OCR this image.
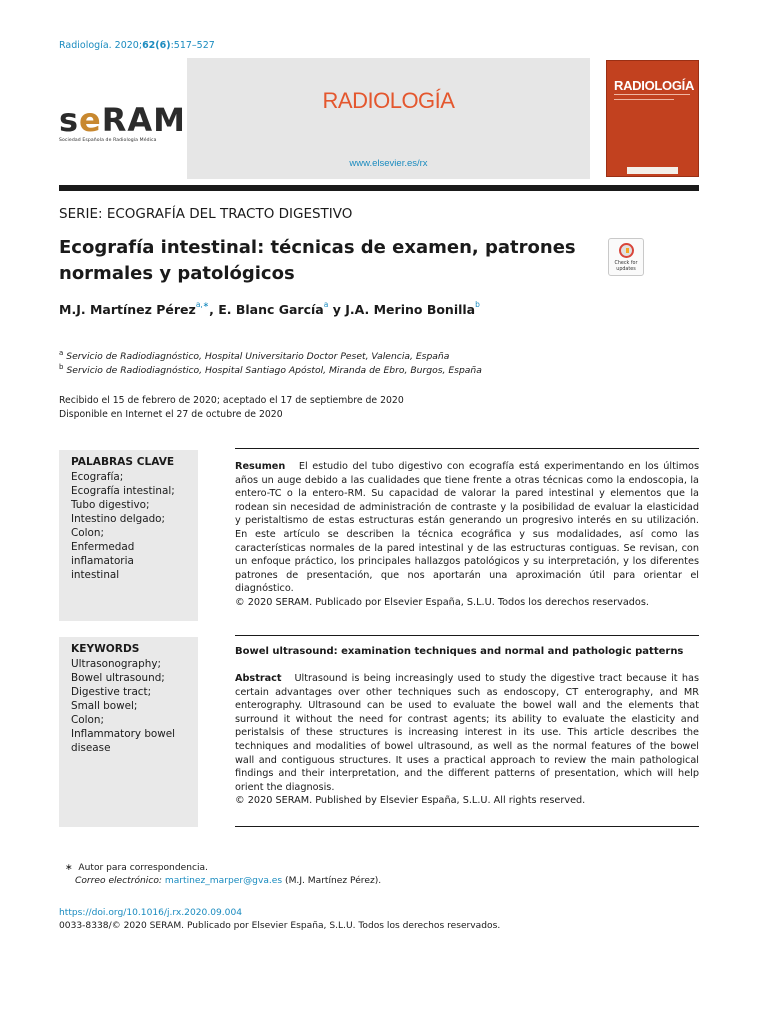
Radiología. 2020;62(6):517–527
seRAM
Sociedad Española de Radiología Médica
RADIOLOGÍA
www.elsevier.es/rx
RADIOLOGÍA
SERIE: ECOGRAFÍA DEL TRACTO DIGESTIVO
Ecografía intestinal: técnicas de examen, patrones normales y patológicos	Check for
updates
M.J. Martínez Pérez$^{a,∗}$, E. Blanc García$^a$ y J.A. Merino Bonilla$^b$
$^a$ Servicio de Radiodiagnóstico, Hospital Universitario Doctor Peset, Valencia, España
$^b$ Servicio de Radiodiagnóstico, Hospital Santiago Apóstol, Miranda de Ebro, Burgos, España
Recibido el 15 de febrero de 2020; aceptado el 17 de septiembre de 2020
Disponible en Internet el 27 de octubre de 2020
PALABRAS CLAVE
Ecografía;
Ecografía intestinal;
Tubo digestivo;
Intestino delgado;
Colon;
Enfermedad
inflamatoria
intestinal
Resumen El estudio del tubo digestivo con ecografía está experimentando en los últimos años un auge debido a las cualidades que tiene frente a otras técnicas como la endoscopia, la entero-TC o la entero-RM. Su capacidad de valorar la pared intestinal y elementos que la rodean sin necesidad de administración de contraste y la posibilidad de evaluar la elasticidad y peristaltismo de estas estructuras están generando un progresivo interés en su utilización. En este artículo se describen la técnica ecográfica y sus modalidades, así como las características normales de la pared intestinal y de las estructuras contiguas. Se revisan, con un enfoque práctico, los principales hallazgos patológicos y su interpretación, y los diferentes patrones de presentación, que nos aportarán una aproximación útil para orientar el diagnóstico.
© 2020 SERAM. Publicado por Elsevier España, S.L.U. Todos los derechos reservados.
KEYWORDS
Ultrasonography;
Bowel ultrasound;
Digestive tract;
Small bowel;
Colon;
Inflammatory bowel
disease
Bowel ultrasound: examination techniques and normal and pathologic patterns
Abstract Ultrasound is being increasingly used to study the digestive tract because it has certain advantages over other techniques such as endoscopy, CT enterography, and MR enterography. Ultrasound can be used to evaluate the bowel wall and the elements that surround it without the need for contrast agents; its ability to evaluate the elasticity and peristalsis of these structures is increasing interest in its use. This article describes the techniques and modalities of bowel ultrasound, as well as the normal features of the bowel wall and contiguous structures. It uses a practical approach to review the main pathological findings and their interpretation, and the different patterns of presentation, which will help orient the diagnosis.
© 2020 SERAM. Published by Elsevier España, S.L.U. All rights reserved.
∗ Autor para correspondencia.
Correo electrónico: martinez_marper@gva.es (M.J. Martínez Pérez).
https://doi.org/10.1016/j.rx.2020.09.004
0033-8338/© 2020 SERAM. Publicado por Elsevier España, S.L.U. Todos los derechos reservados.
